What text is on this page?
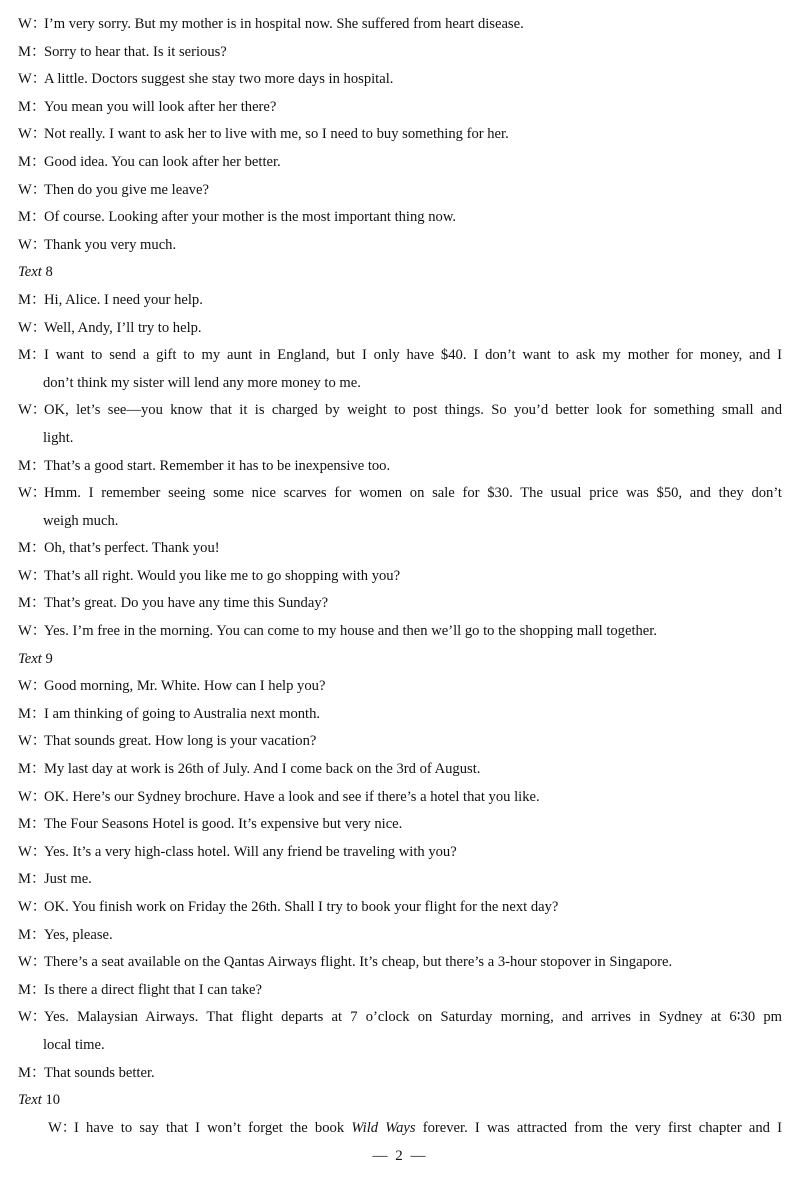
W：
I’m very sorry. But my mother is in hospital now. She suffered from heart disease.
M：
Sorry to hear that. Is it serious?
W：
A little. Doctors suggest she stay two more days in hospital.
M：
You mean you will look after her there?
W：
Not really. I want to ask her to live with me, so I need to buy something for her.
M：
Good idea. You can look after her better.
W：
Then do you give me leave?
M：
Of course. Looking after your mother is the most important thing now.
W：
Thank you very much.
Text 8
M：
Hi, Alice. I need your help.
W：
Well, Andy, I’ll try to help.
M：
I want to send a gift to my aunt in England, but I only have $40. I don’t want to ask my mother for money, and I
don’t think my sister will lend any more money to me.
W：
OK, let’s see—you know that it is charged by weight to post things. So you’d better look for something small and
light.
M：
That’s a good start. Remember it has to be inexpensive too.
W：
Hmm. I remember seeing some nice scarves for women on sale for $30. The usual price was $50, and they don’t
weigh much.
M：
Oh, that’s perfect. Thank you!
W：
That’s all right. Would you like me to go shopping with you?
M：
That’s great. Do you have any time this Sunday?
W：
Yes. I’m free in the morning. You can come to my house and then we’ll go to the shopping mall together.
Text 9
W：
Good morning, Mr. White. How can I help you?
M：
I am thinking of going to Australia next month.
W：
That sounds great. How long is your vacation?
M：
My last day at work is 26th of July. And I come back on the 3rd of August.
W：
OK. Here’s our Sydney brochure. Have a look and see if there’s a hotel that you like.
M：
The Four Seasons Hotel is good. It’s expensive but very nice.
W：
Yes. It’s a very high-class hotel. Will any friend be traveling with you?
M：
Just me.
W：
OK. You finish work on Friday the 26th. Shall I try to book your flight for the next day?
M：
Yes, please.
W：
There’s a seat available on the Qantas Airways flight. It’s cheap, but there’s a 3-hour stopover in Singapore.
M：
Is there a direct flight that I can take?
W：
Yes. Malaysian Airways. That flight departs at 7 o’clock on Saturday morning, and arrives in Sydney at 6∶30 pm
local time.
M：
That sounds better.
Text 10
W：
I have to say that I won’t forget the book Wild Ways forever. I was attracted from the very first chapter and I
— 2 —
